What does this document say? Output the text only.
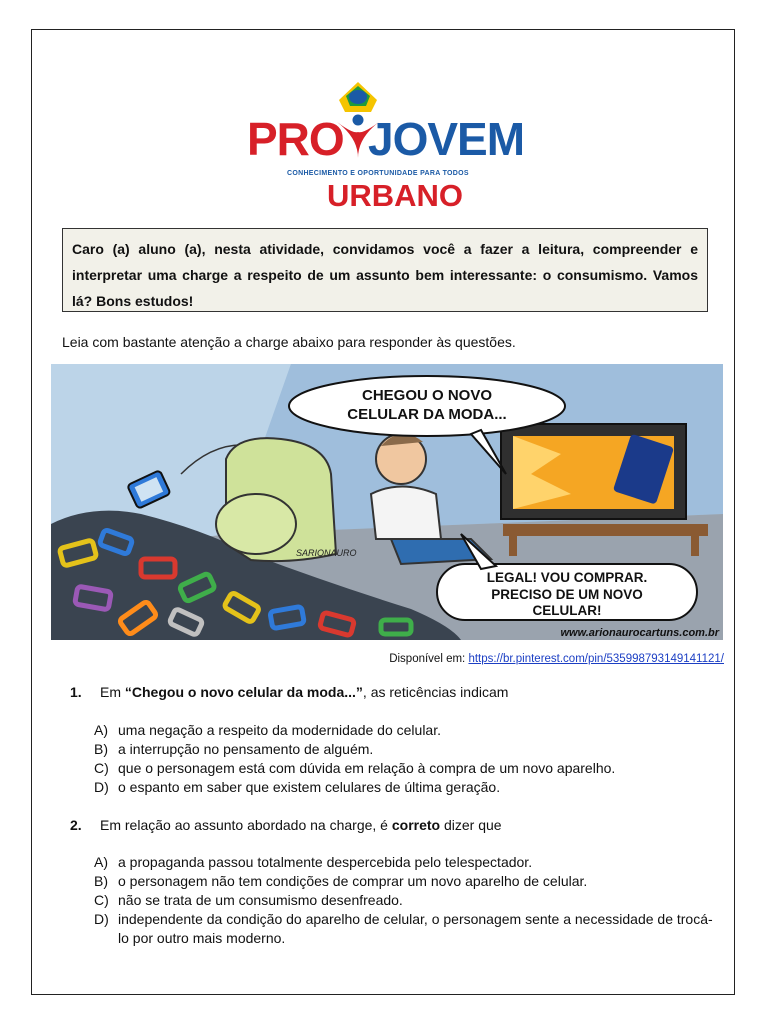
PRO JOVEM
CONHECIMENTO E OPORTUNIDADE PARA TODOS
URBANO
Caro (a) aluno (a), nesta atividade, convidamos você a fazer a leitura, compreender e interpretar uma charge a respeito de um assunto bem interessante: o consumismo. Vamos lá? Bons estudos!
Leia com bastante atenção a charge abaixo para responder às questões.
CHEGOU O NOVO
CELULAR DA MODA...
LEGAL! VOU COMPRAR.
PRECISO DE UM NOVO
CELULAR!
SARIONAURO
www.arionaurocartuns.com.br
Disponível em: https://br.pinterest.com/pin/535998793149141121/
1. Em “Chegou o novo celular da moda...”, as reticências indicam
A) uma negação a respeito da modernidade do celular.
B) a interrupção no pensamento de alguém.
C) que o personagem está com dúvida em relação à compra de um novo aparelho.
D) o espanto em saber que existem celulares de última geração.
2. Em relação ao assunto abordado na charge, é correto dizer que
A) a propaganda passou totalmente despercebida pelo telespectador.
B) o personagem não tem condições de comprar um novo aparelho de celular.
C) não se trata de um consumismo desenfreado.
D) independente da condição do aparelho de celular, o personagem sente a necessidade de trocá-lo por outro mais moderno.
